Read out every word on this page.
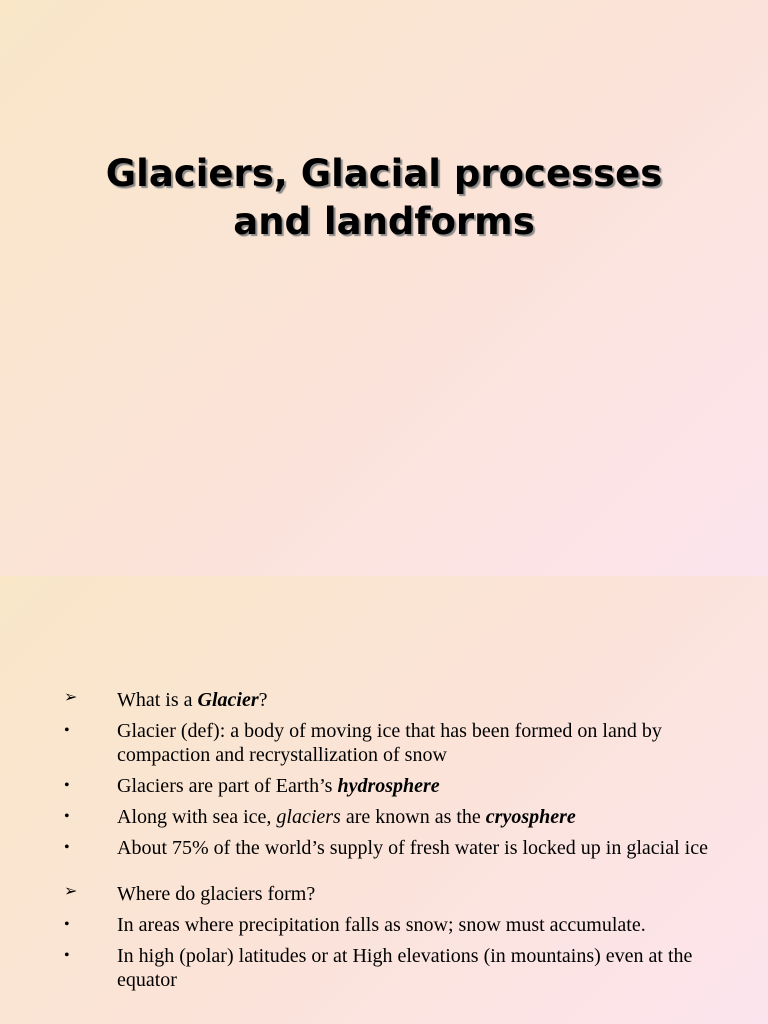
Glaciers, Glacial processes
and landforms
➢	What is a Glacier?
•	Glacier (def): a body of moving ice that has been formed on land by compaction and recrystallization of snow
•	Glaciers are part of Earth’s hydrosphere
•	Along with sea ice, glaciers are known as the cryosphere
•	About 75% of the world’s supply of fresh water is locked up in glacial ice
➢	Where do glaciers form?
•	In areas where precipitation falls as snow; snow must accumulate.
•	In high (polar) latitudes or at High elevations (in mountains) even at the equator
